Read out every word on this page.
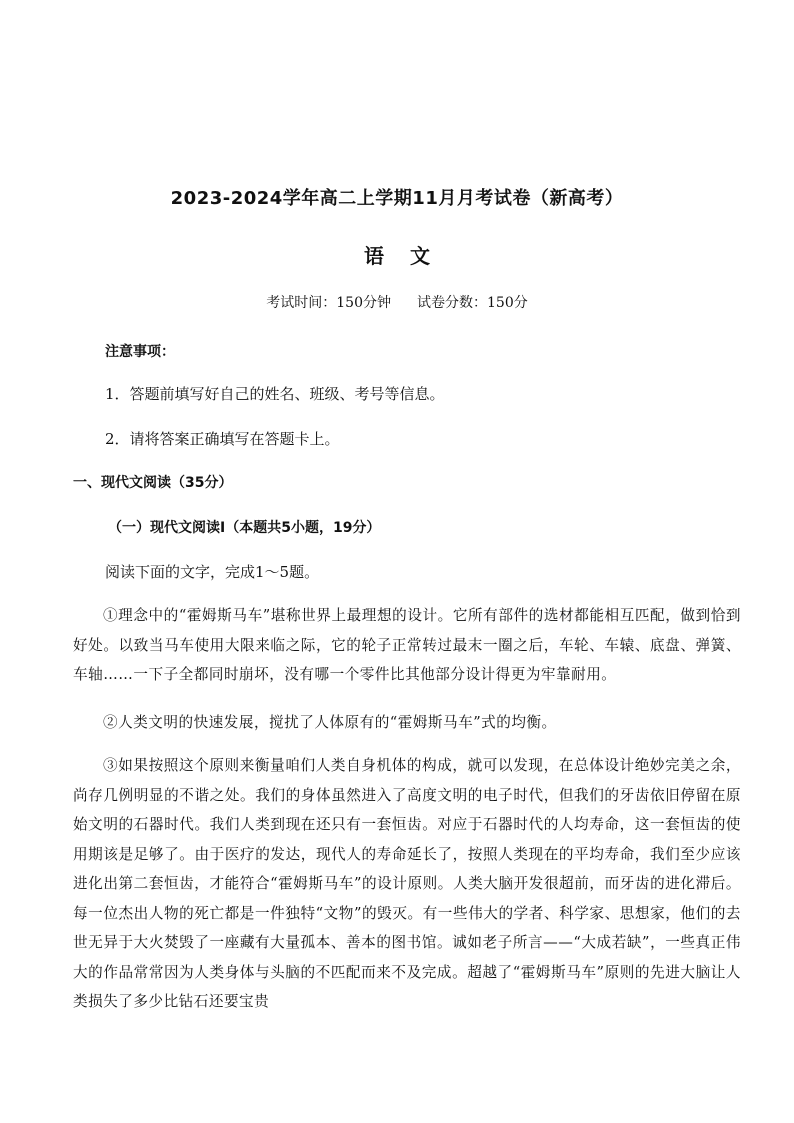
2023-2024学年高二上学期11月月考试卷（新高考）
语 文
考试时间：150分钟 试卷分数：150分
注意事项：
1．答题前填写好自己的姓名、班级、考号等信息。
2．请将答案正确填写在答题卡上。
一、现代文阅读（35分）
（一）现代文阅读Ⅰ（本题共5小题，19分）
阅读下面的文字，完成1～5题。
①理念中的“霍姆斯马车”堪称世界上最理想的设计。它所有部件的选材都能相互匹配，做到恰到好处。以致当马车使用大限来临之际，它的轮子正常转过最末一圈之后，车轮、车辕、底盘、弹簧、车轴……一下子全都同时崩坏，没有哪一个零件比其他部分设计得更为牢靠耐用。
②人类文明的快速发展，搅扰了人体原有的“霍姆斯马车”式的均衡。
③如果按照这个原则来衡量咱们人类自身机体的构成，就可以发现，在总体设计绝妙完美之余，尚存几例明显的不谐之处。我们的身体虽然进入了高度文明的电子时代，但我们的牙齿依旧停留在原始文明的石器时代。我们人类到现在还只有一套恒齿。对应于石器时代的人均寿命，这一套恒齿的使用期该是足够了。由于医疗的发达，现代人的寿命延长了，按照人类现在的平均寿命，我们至少应该进化出第二套恒齿，才能符合“霍姆斯马车”的设计原则。人类大脑开发很超前，而牙齿的进化滞后。每一位杰出人物的死亡都是一件独特“文物”的毁灭。有一些伟大的学者、科学家、思想家，他们的去世无异于大火焚毁了一座藏有大量孤本、善本的图书馆。诚如老子所言——“大成若缺”，一些真正伟大的作品常常因为人类身体与头脑的不匹配而来不及完成。超越了“霍姆斯马车”原则的先进大脑让人类损失了多少比钻石还要宝贵
